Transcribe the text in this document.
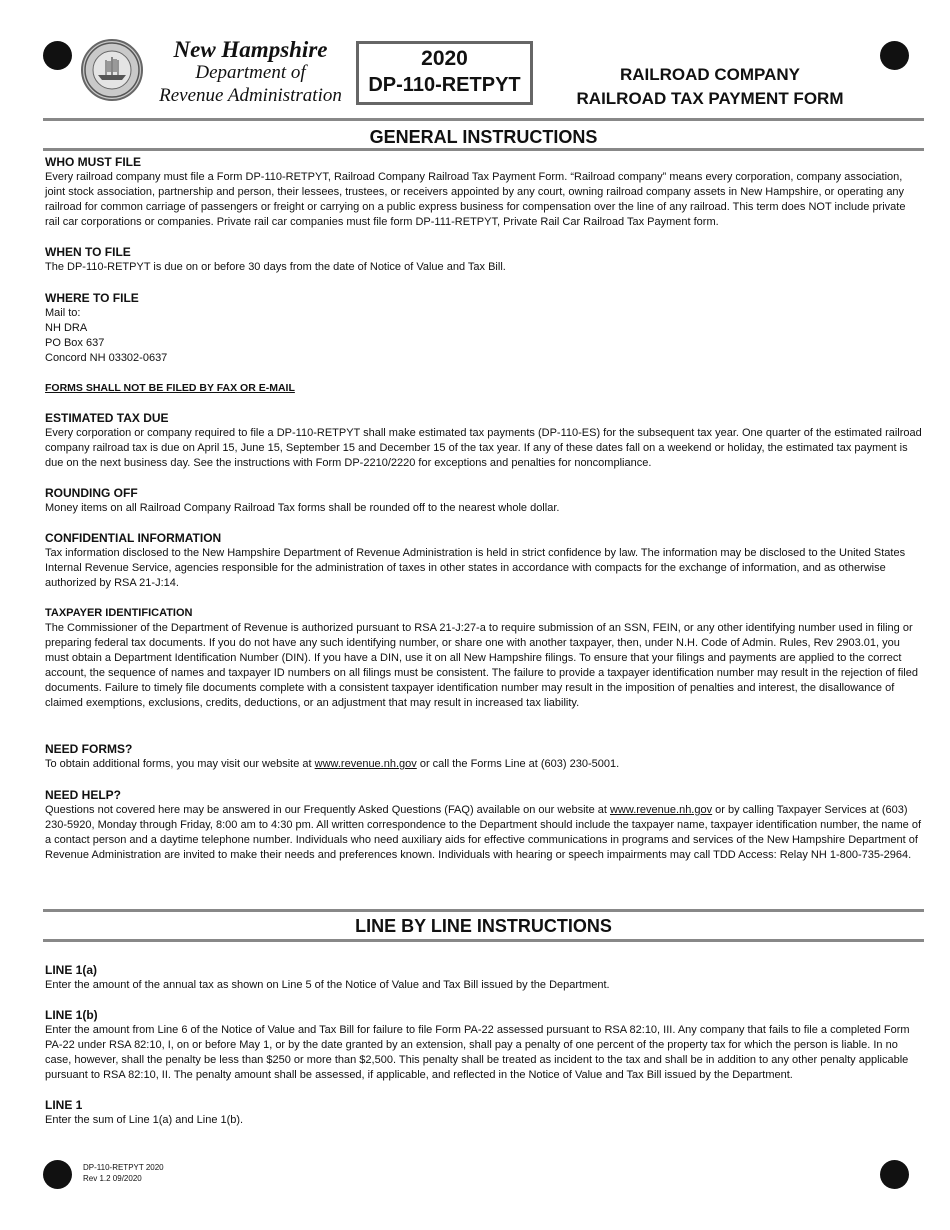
New Hampshire
Department of
Revenue Administration
2020
DP-110-RETPYT	RAILROAD COMPANY
RAILROAD TAX PAYMENT FORM
GENERAL INSTRUCTIONS
WHO MUST FILE

Every railroad company must file a Form DP-110-RETPYT, Railroad Company Railroad Tax Payment Form. “Railroad company” means every corporation, company association, joint stock association, partnership and person, their lessees, trustees, or receivers appointed by any court, owning railroad company assets in New Hampshire, or operating any railroad for common carriage of passengers or freight or carrying on a public express business for compensation over the line of any railroad. This term does NOT include private rail car corporations or companies. Private rail car companies must file form DP-111-RETPYT, Private Rail Car Railroad Tax Payment form.

WHEN TO FILE

The DP-110-RETPYT is due on or before 30 days from the date of Notice of Value and Tax Bill.

WHERE TO FILE
Mail to:
NH DRA
PO Box 637
Concord NH 03302-0637
FORMS SHALL NOT BE FILED BY FAX OR E-MAIL
ESTIMATED TAX DUE

Every corporation or company required to file a DP-110-RETPYT shall make estimated tax payments (DP-110-ES) for the subsequent tax year. One quarter of the estimated railroad company railroad tax is due on April 15, June 15, September 15 and December 15 of the tax year. If any of these dates fall on a weekend or holiday, the estimated tax payment is due on the next business day. See the instructions with Form DP-2210/2220 for exceptions and penalties for noncompliance.

ROUNDING OFF

Money items on all Railroad Company Railroad Tax forms shall be rounded off to the nearest whole dollar.

CONFIDENTIAL INFORMATION

Tax information disclosed to the New Hampshire Department of Revenue Administration is held in strict confidence by law. The information may be disclosed to the United States Internal Revenue Service, agencies responsible for the administration of taxes in other states in accordance with compacts for the exchange of information, and as otherwise authorized by RSA 21-J:14.

TAXPAYER IDENTIFICATION

The Commissioner of the Department of Revenue is authorized pursuant to RSA 21-J:27-a to require submission of an SSN, FEIN, or any other identifying number used in filing or preparing federal tax documents. If you do not have any such identifying number, or share one with another taxpayer, then, under N.H. Code of Admin. Rules, Rev 2903.01, you must obtain a Department Identification Number (DIN). If you have a DIN, use it on all New Hampshire filings. To ensure that your filings and payments are applied to the correct account, the sequence of names and taxpayer ID numbers on all filings must be consistent. The failure to provide a taxpayer identification number may result in the rejection of filed documents. Failure to timely file documents complete with a consistent taxpayer identification number may result in the imposition of penalties and interest, the disallowance of claimed exemptions, exclusions, credits, deductions, or an adjustment that may result in increased tax liability.

NEED FORMS?

To obtain additional forms, you may visit our website at www.revenue.nh.gov or call the Forms Line at (603) 230-5001.

NEED HELP?

Questions not covered here may be answered in our Frequently Asked Questions (FAQ) available on our website at www.revenue.nh.gov or by calling Taxpayer Services at (603) 230-5920, Monday through Friday, 8:00 am to 4:30 pm. All written correspondence to the Department should include the taxpayer name, taxpayer identification number, the name of a contact person and a daytime telephone number. Individuals who need auxiliary aids for effective communications in programs and services of the New Hampshire Department of Revenue Administration are invited to make their needs and preferences known. Individuals with hearing or speech impairments may call TDD Access: Relay NH 1-800-735-2964.

LINE BY LINE INSTRUCTIONS
LINE 1(a)

Enter the amount of the annual tax as shown on Line 5 of the Notice of Value and Tax Bill issued by the Department.

LINE 1(b)

Enter the amount from Line 6 of the Notice of Value and Tax Bill for failure to file Form PA-22 assessed pursuant to RSA 82:10, III. Any company that fails to file a completed Form PA-22 under RSA 82:10, I, on or before May 1, or by the date granted by an extension, shall pay a penalty of one percent of the property tax for which the person is liable. In no case, however, shall the penalty be less than $250 or more than $2,500. This penalty shall be treated as incident to the tax and shall be in addition to any other penalty applicable pursuant to RSA 82:10, II. The penalty amount shall be assessed, if applicable, and reflected in the Notice of Value and Tax Bill issued by the Department.

LINE 1

Enter the sum of Line 1(a) and Line 1(b).

DP-110-RETPYT 2020
Rev 1.2 09/2020
